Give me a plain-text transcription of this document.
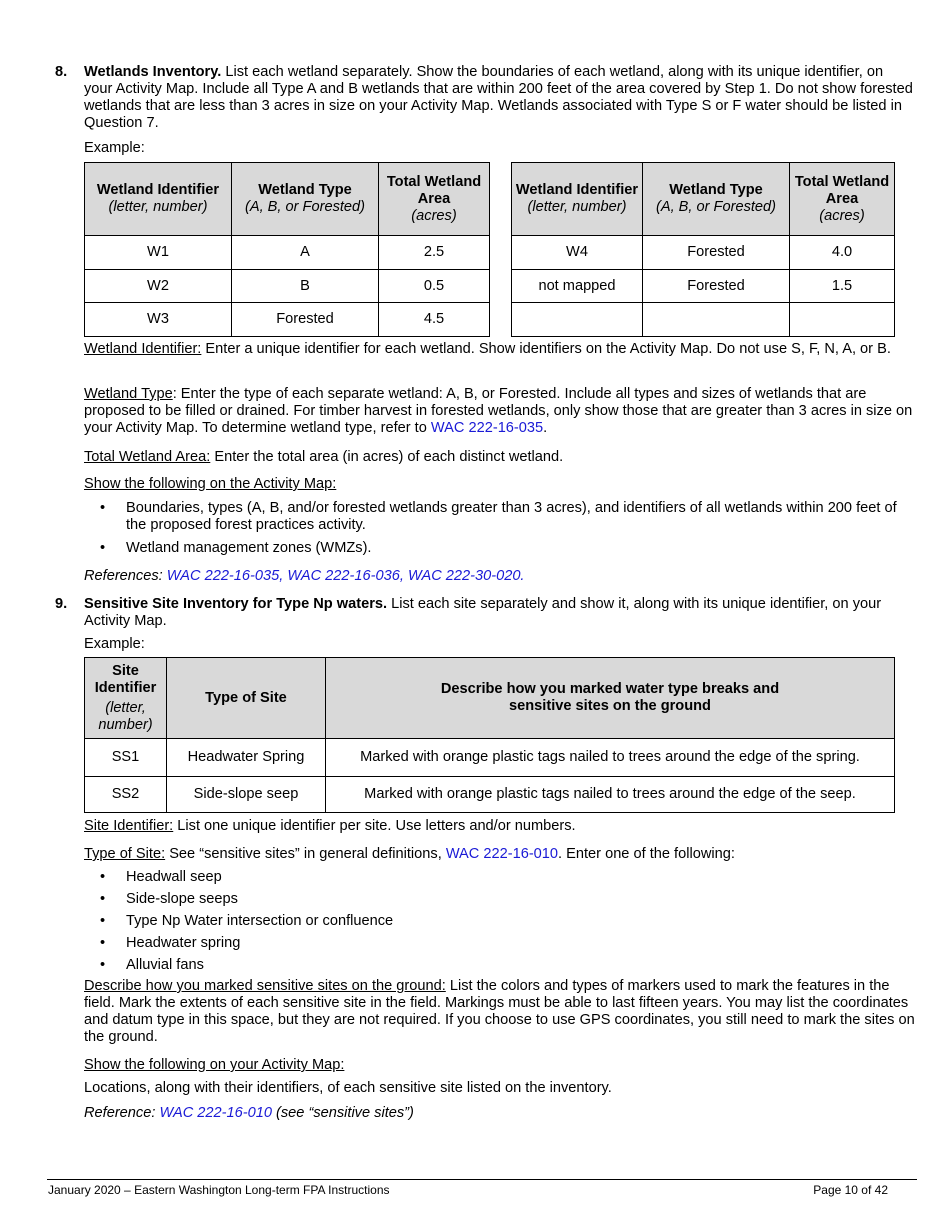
8. Wetlands Inventory. List each wetland separately. Show the boundaries of each wetland, along with its unique identifier, on your Activity Map. Include all Type A and B wetlands that are within 200 feet of the area covered by Step 1. Do not show forested wetlands that are less than 3 acres in size on your Activity Map. Wetlands associated with Type S or F water should be listed in Question 7.

Example:

Wetland Identifier
(letter, number)	Wetland Type
(A, B, or Forested)	Total Wetland Area
(acres)

W1	A	2.5
W2	B	0.5
W3	Forested	4.5
Wetland Identifier
(letter, number)	Wetland Type
(A, B, or Forested)	Total Wetland Area
(acres)

W4	Forested	4.0
not mapped	Forested	1.5

Wetland Identifier: Enter a unique identifier for each wetland. Show identifiers on the Activity Map. Do not use S, F, N, A, or B.

Wetland Type: Enter the type of each separate wetland: A, B, or Forested. Include all types and sizes of wetlands that are proposed to be filled or drained. For timber harvest in forested wetlands, only show those that are greater than 3 acres in size on your Activity Map. To determine wetland type, refer to WAC 222-16-035.

Total Wetland Area: Enter the total area (in acres) of each distinct wetland.

Show the following on the Activity Map:

• Boundaries, types (A, B, and/or forested wetlands greater than 3 acres), and identifiers of all wetlands within 200 feet of the proposed forest practices activity.
• Wetland management zones (WMZs).

References: WAC 222-16-035, WAC 222-16-036, WAC 222-30-020.

9. Sensitive Site Inventory for Type Np waters. List each site separately and show it, along with its unique identifier, on your Activity Map.

Example:

Site Identifier
(letter, number)	Type of Site	Describe how you marked water type breaks and
sensitive sites on the ground

SS1	Headwater Spring	Marked with orange plastic tags nailed to trees around the edge of the spring.
SS2	Side-slope seep	Marked with orange plastic tags nailed to trees around the edge of the seep.

Site Identifier: List one unique identifier per site. Use letters and/or numbers.

Type of Site: See “sensitive sites” in general definitions, WAC 222-16-010. Enter one of the following:

• Headwall seep
• Side-slope seeps
• Type Np Water intersection or confluence
• Headwater spring
• Alluvial fans

Describe how you marked sensitive sites on the ground: List the colors and types of markers used to mark the features in the field. Mark the extents of each sensitive site in the field. Markings must be able to last fifteen years. You may list the coordinates and datum type in this space, but they are not required. If you choose to use GPS coordinates, you still need to mark the sites on the ground.

Show the following on your Activity Map:

Locations, along with their identifiers, of each sensitive site listed on the inventory.

Reference: WAC 222-16-010 (see “sensitive sites”)

January 2020 – Eastern Washington Long-term FPA Instructions	Page 10 of 42
